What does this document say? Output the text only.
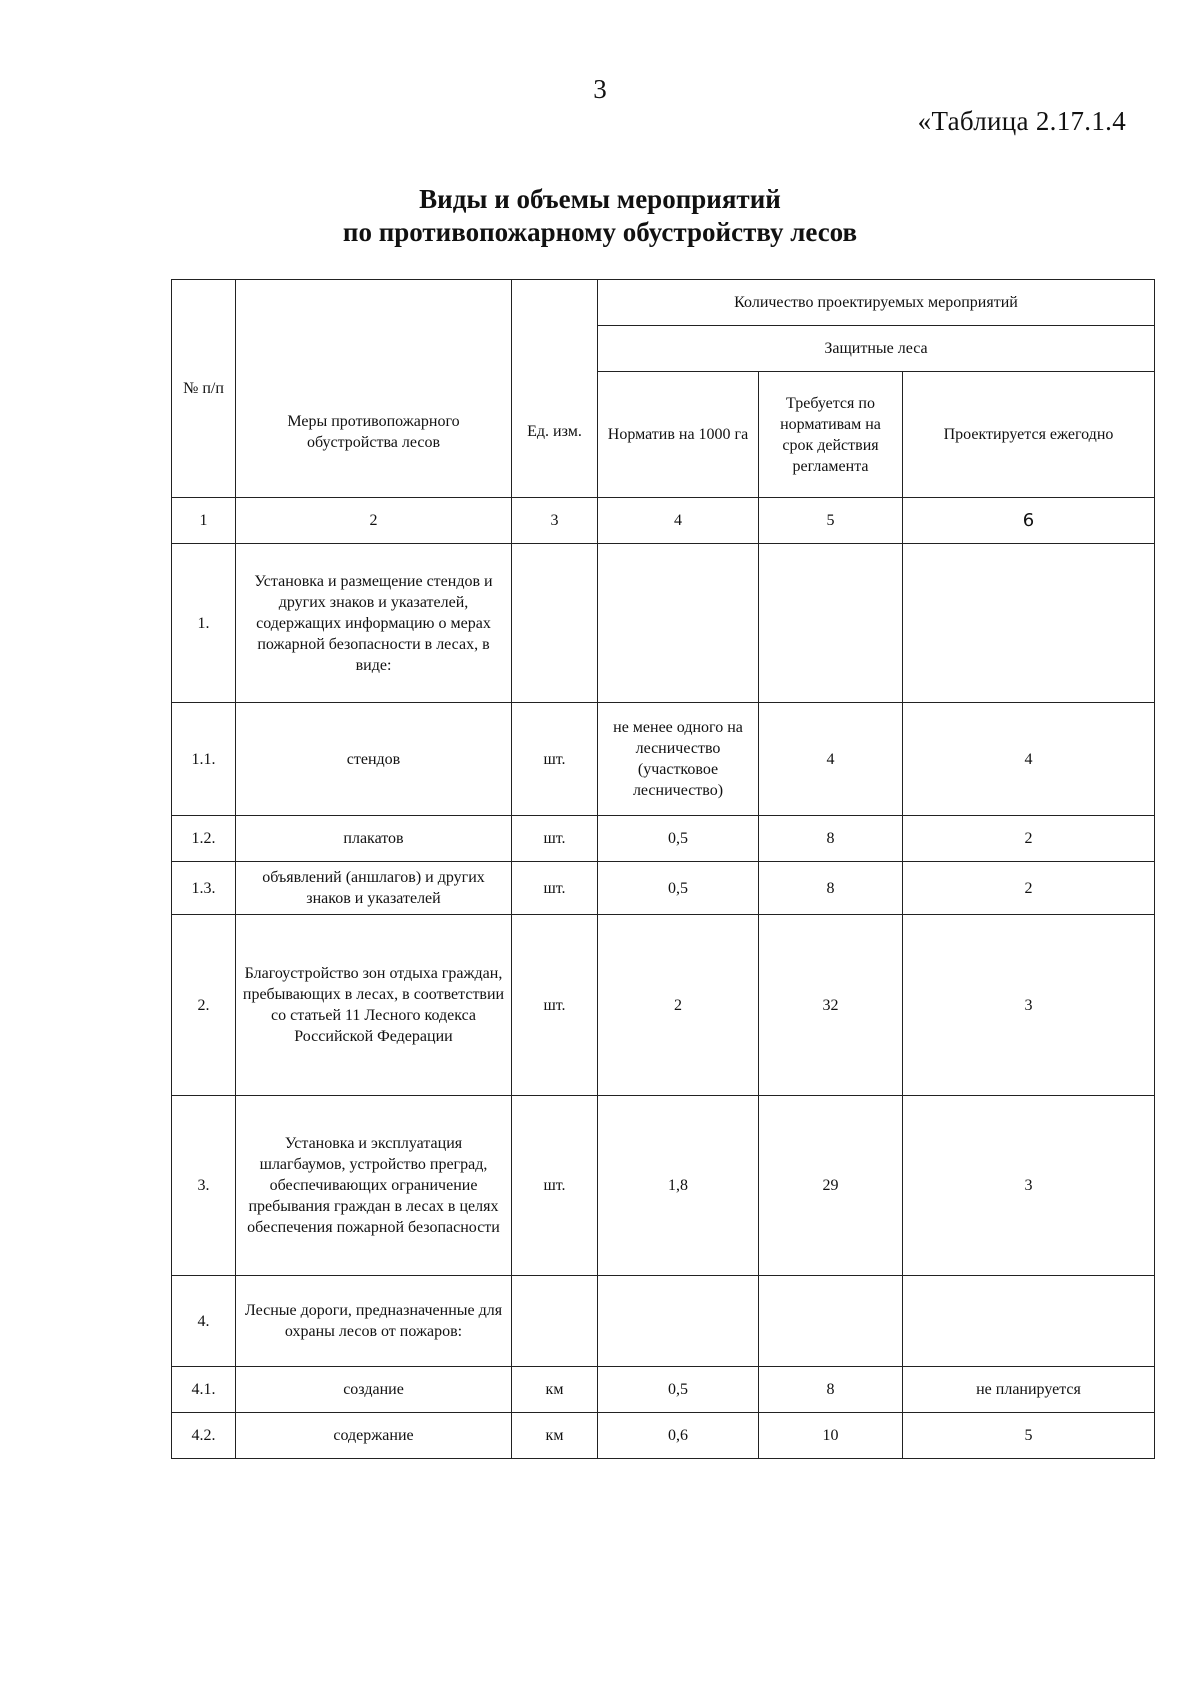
3
«Таблица 2.17.1.4
Виды и объемы мероприятий
по противопожарному обустройству лесов
№ п/п	Меры противопожарного обустройства лесов	Ед. изм.	Количество проектируемых мероприятий		
			Защитные леса		
			Норматив на 1000 га	Требуется по нормативам на срок действия регламента	Проектируется ежегодно
1	2	3	4	5	6
1.	Установка и размещение стендов и других знаков и указателей, содержащих информацию о мерах пожарной безопасности в лесах, в виде:				
1.1.	стендов	шт.	не менее одного на лесничество (участковое лесничество)	4	4
1.2.	плакатов	шт.	0,5	8	2
1.3.	объявлений (аншлагов) и других знаков и указателей	шт.	0,5	8	2
2.	Благоустройство зон отдыха граждан, пребывающих в лесах, в соответствии со статьей 11 Лесного кодекса Российской Федерации	шт.	2	32	3
3.	Установка и эксплуатация шлагбаумов, устройство преград, обеспечивающих ограничение пребывания граждан в лесах в целях обеспечения пожарной безопасности	шт.	1,8	29	3
4.	Лесные дороги, предназначенные для охраны лесов от пожаров:				
4.1.	создание	км	0,5	8	не планируется
4.2.	содержание	км	0,6	10	5
